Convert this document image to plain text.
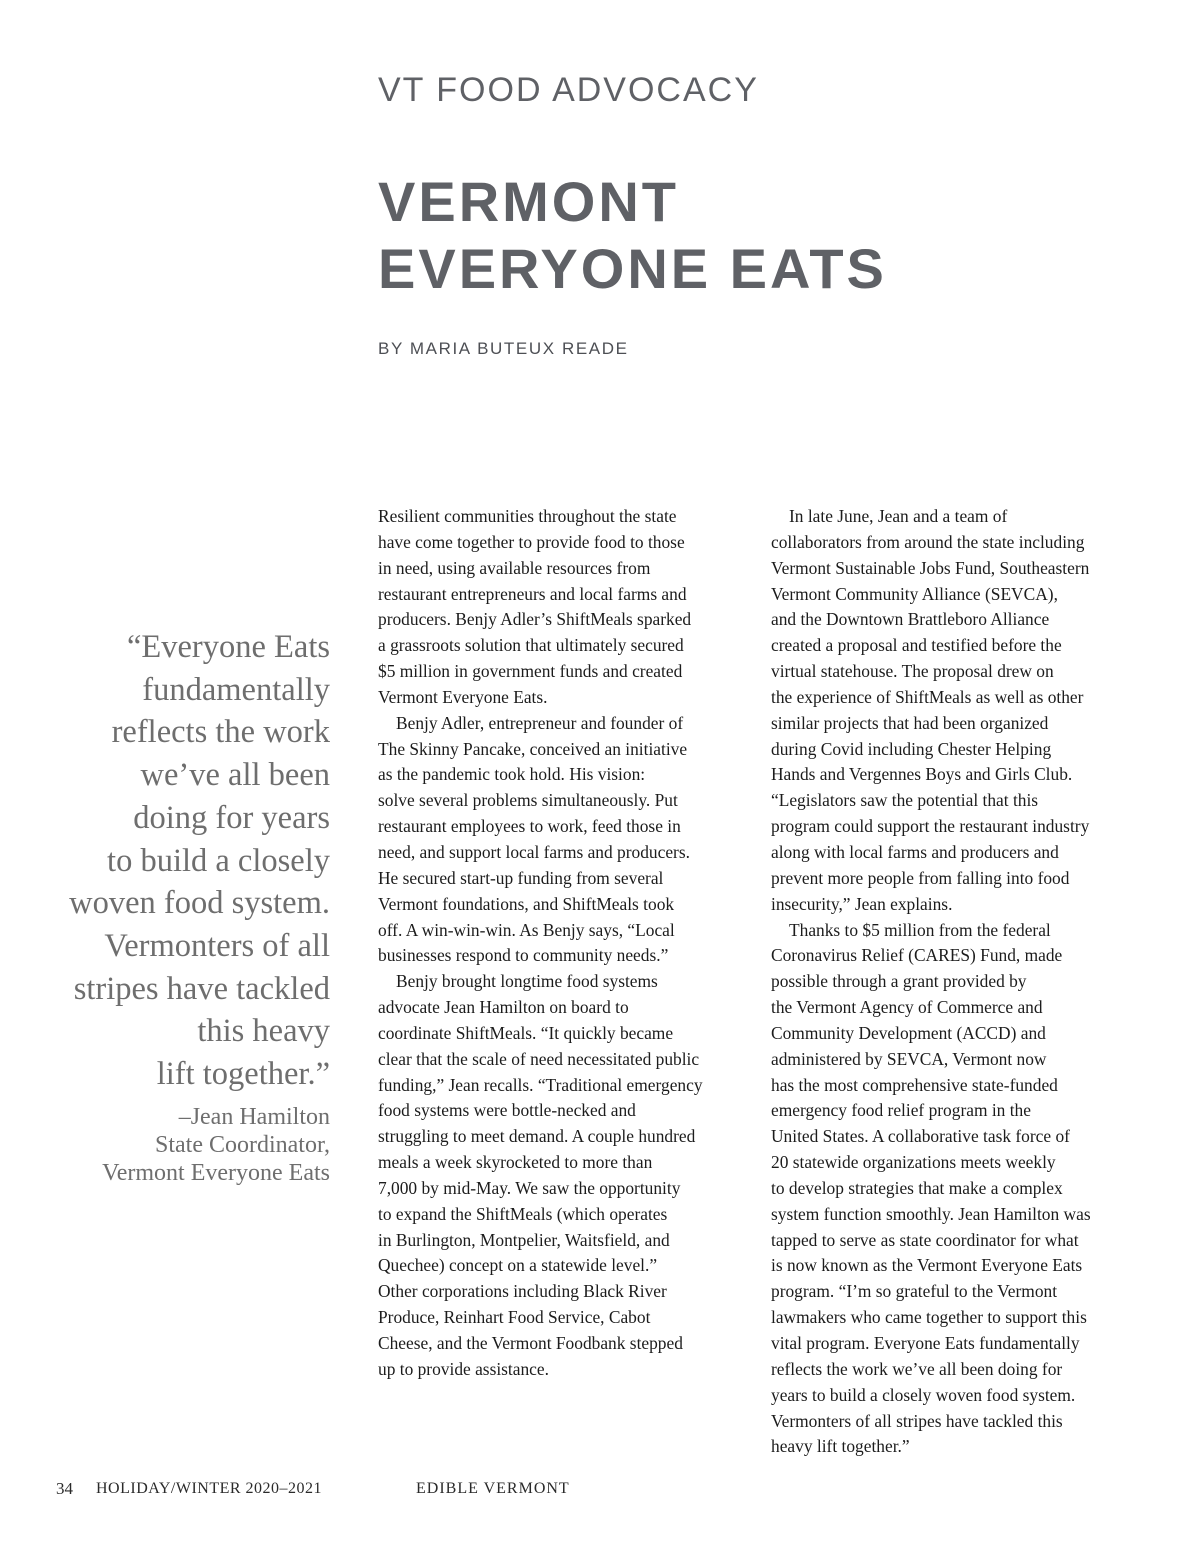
VT FOOD ADVOCACY
VERMONT
EVERYONE EATS
BY MARIA BUTEUX READE

“Everyone Eats
fundamentally
reflects the work
we’ve all been
doing for years
to build a closely
woven food system.
Vermonters of all
stripes have tackled
this heavy
lift together.”

–Jean Hamilton
State Coordinator,
Vermont Everyone Eats
Resilient communities throughout the state
have come together to provide food to those
in need, using available resources from
restaurant entrepreneurs and local farms and
producers. Benjy Adler’s ShiftMeals sparked
a grassroots solution that ultimately secured
$5 million in government funds and created
Vermont Everyone Eats.
Benjy Adler, entrepreneur and founder of
The Skinny Pancake, conceived an initiative
as the pandemic took hold. His vision:
solve several problems simultaneously. Put
restaurant employees to work, feed those in
need, and support local farms and producers.
He secured start-up funding from several
Vermont foundations, and ShiftMeals took
off. A win-win-win. As Benjy says, “Local
businesses respond to community needs.”
Benjy brought longtime food systems
advocate Jean Hamilton on board to
coordinate ShiftMeals. “It quickly became
clear that the scale of need necessitated public
funding,” Jean recalls. “Traditional emergency
food systems were bottle-necked and
struggling to meet demand. A couple hundred
meals a week skyrocketed to more than
7,000 by mid-May. We saw the opportunity
to expand the ShiftMeals (which operates
in Burlington, Montpelier, Waitsfield, and
Quechee) concept on a statewide level.”
Other corporations including Black River
Produce, Reinhart Food Service, Cabot
Cheese, and the Vermont Foodbank stepped
up to provide assistance.
In late June, Jean and a team of
collaborators from around the state including
Vermont Sustainable Jobs Fund, Southeastern
Vermont Community Alliance (SEVCA),
and the Downtown Brattleboro Alliance
created a proposal and testified before the
virtual statehouse. The proposal drew on
the experience of ShiftMeals as well as other
similar projects that had been organized
during Covid including Chester Helping
Hands and Vergennes Boys and Girls Club.
“Legislators saw the potential that this
program could support the restaurant industry
along with local farms and producers and
prevent more people from falling into food
insecurity,” Jean explains.
Thanks to $5 million from the federal
Coronavirus Relief (CARES) Fund, made
possible through a grant provided by
the Vermont Agency of Commerce and
Community Development (ACCD) and
administered by SEVCA, Vermont now
has the most comprehensive state-funded
emergency food relief program in the
United States. A collaborative task force of
20 statewide organizations meets weekly
to develop strategies that make a complex
system function smoothly. Jean Hamilton was
tapped to serve as state coordinator for what
is now known as the Vermont Everyone Eats
program. “I’m so grateful to the Vermont
lawmakers who came together to support this
vital program. Everyone Eats fundamentally
reflects the work we’ve all been doing for
years to build a closely woven food system.
Vermonters of all stripes have tackled this
heavy lift together.”
34 HOLIDAY/WINTER 2020–2021	EDIBLE VERMONT
